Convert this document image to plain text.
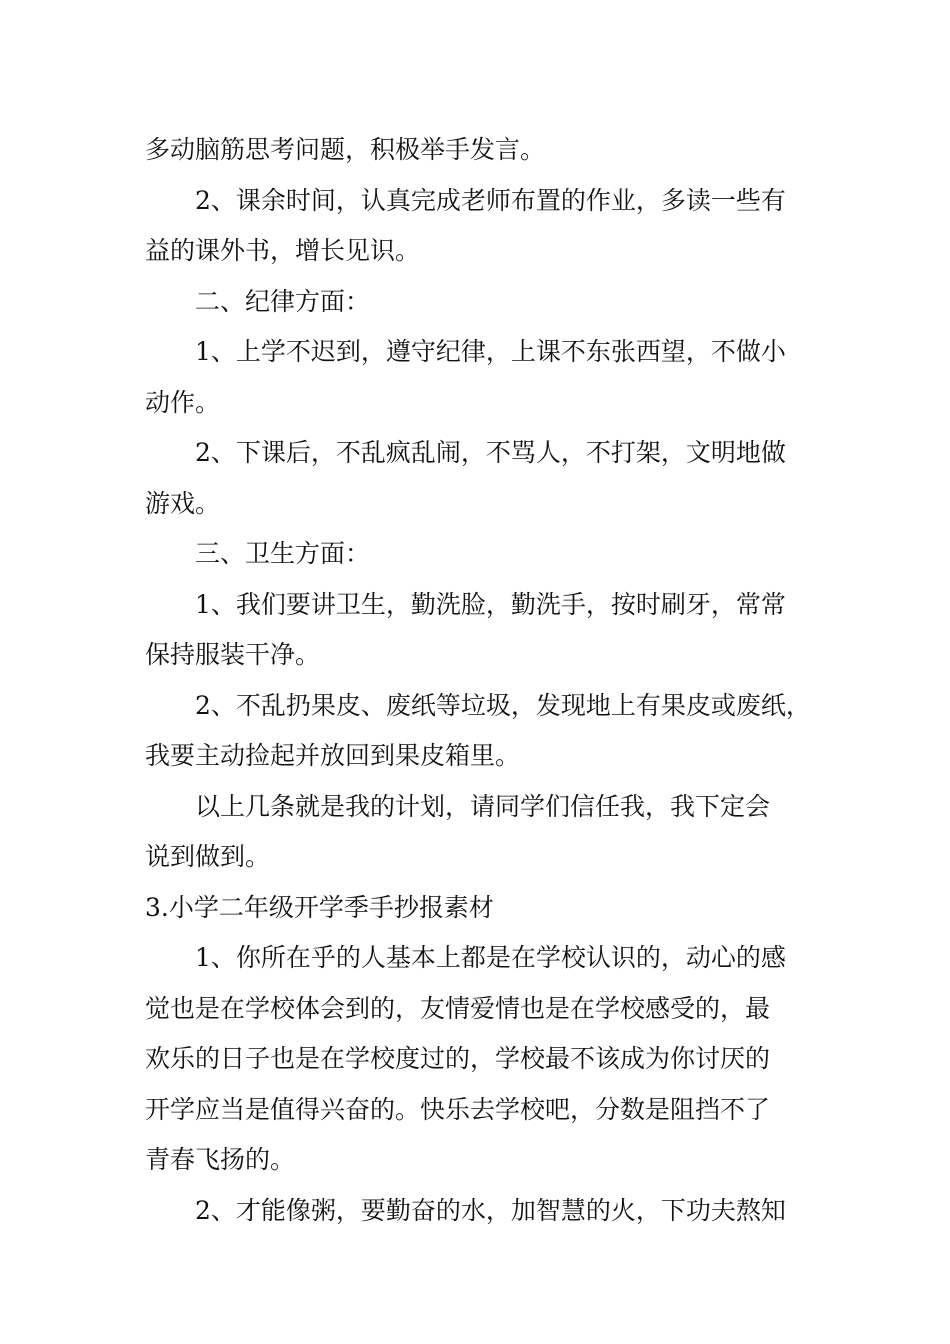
多动脑筋思考问题，积极举手发言。
2、课余时间，认真完成老师布置的作业，多读一些有
益的课外书，增长见识。
二、纪律方面：
1、上学不迟到，遵守纪律，上课不东张西望，不做小
动作。
2、下课后，不乱疯乱闹，不骂人，不打架，文明地做
游戏。
三、卫生方面：
1、我们要讲卫生，勤洗脸，勤洗手，按时刷牙，常常
保持服装干净。
2、不乱扔果皮、废纸等垃圾，发现地上有果皮或废纸，
我要主动捡起并放回到果皮箱里。
以上几条就是我的计划，请同学们信任我，我下定会
说到做到。
3.小学二年级开学季手抄报素材
1、你所在乎的人基本上都是在学校认识的，动心的感
觉也是在学校体会到的，友情爱情也是在学校感受的，最
欢乐的日子也是在学校度过的，学校最不该成为你讨厌的
开学应当是值得兴奋的。快乐去学校吧，分数是阻挡不了
青春飞扬的。
2、才能像粥，要勤奋的水，加智慧的火，下功夫熬知
